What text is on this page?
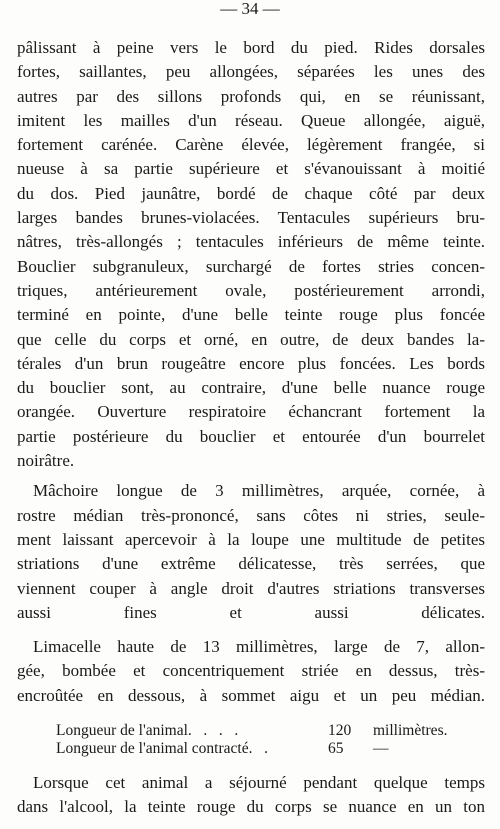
— 34 —

pâlissant à peine vers le bord du pied. Rides dorsales
fortes, saillantes, peu allongées, séparées les unes des
autres par des sillons profonds qui, en se réunissant,
imitent les mailles d'un réseau. Queue allongée, aiguë,
fortement carénée. Carène élevée, légèrement frangée, si
nueuse à sa partie supérieure et s'évanouissant à moitié
du dos. Pied jaunâtre, bordé de chaque côté par deux
larges bandes brunes-violacées. Tentacules supérieurs bru-
nâtres, très-allongés ; tentacules inférieurs de même teinte.
Bouclier subgranuleux, surchargé de fortes stries concen-
triques, antérieurement ovale, postérieurement arrondi,
terminé en pointe, d'une belle teinte rouge plus foncée
que celle du corps et orné, en outre, de deux bandes la-
térales d'un brun rougeâtre encore plus foncées. Les bords
du bouclier sont, au contraire, d'une belle nuance rouge
orangée. Ouverture respiratoire échancrant fortement la
partie postérieure du bouclier et entourée d'un bourrelet
noirâtre.

Mâchoire longue de 3 millimètres, arquée, cornée, à
rostre médian très-prononcé, sans côtes ni stries, seule-
ment laissant apercevoir à la loupe une multitude de petites
striations d'une extrême délicatesse, très serrées, que
viennent couper à angle droit d'autres striations transverses
aussi fines et aussi délicates.

Limacelle haute de 13 millimètres, large de 7, allon-
gée, bombée et concentriquement striée en dessus, très-
encroûtée en dessous, à sommet aigu et un peu médian.

Longueur de l'animal.   .   .   .	120	millimètres.
Longueur de l'animal contracté.   .	65	—

Lorsque cet animal a séjourné pendant quelque temps
dans l'alcool, la teinte rouge du corps se nuance en un ton
